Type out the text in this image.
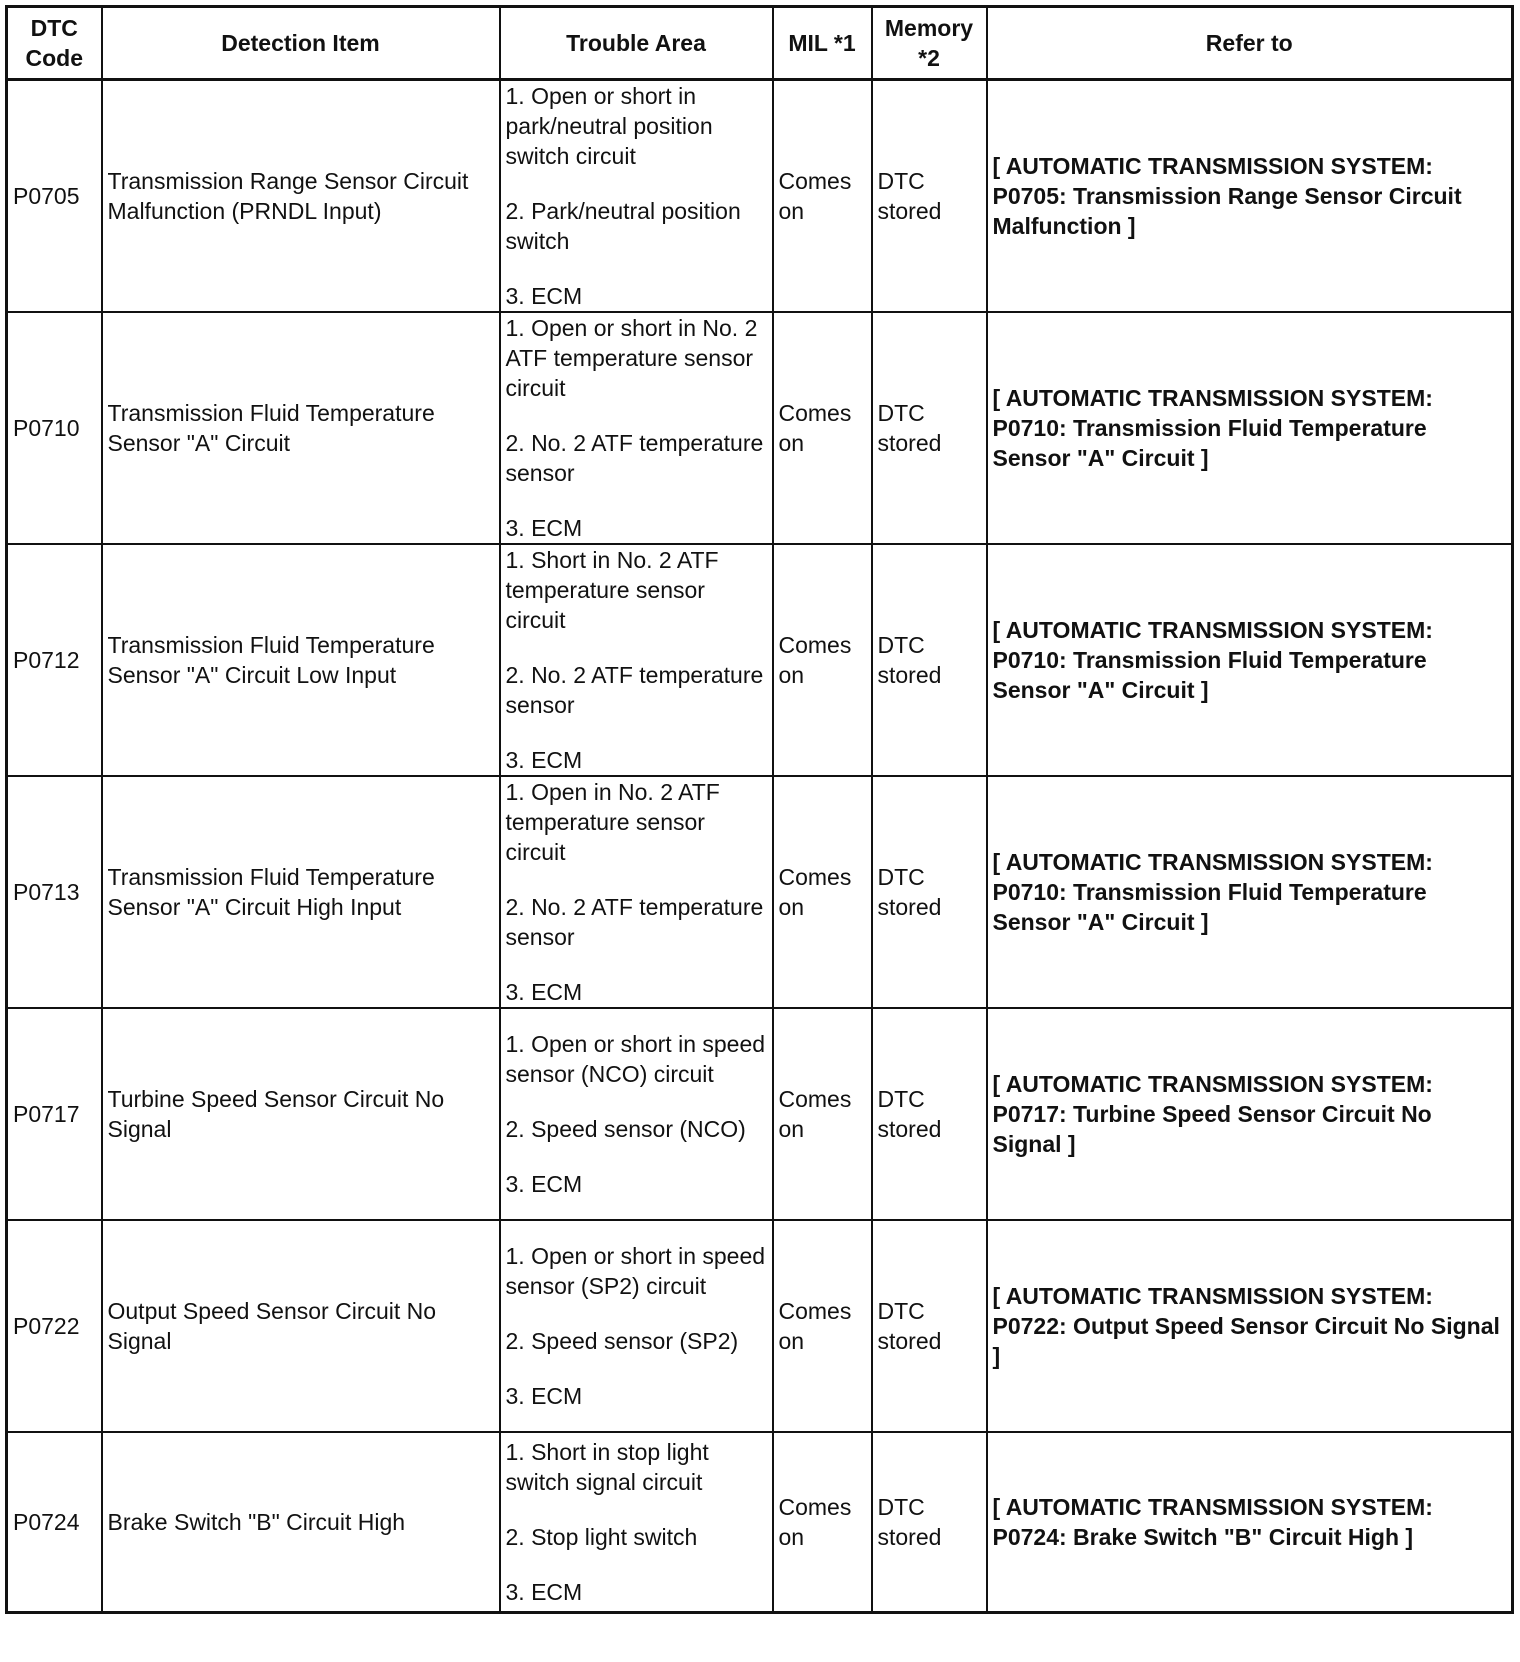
DTC Code	Detection Item	Trouble Area	MIL *1	Memory *2	Refer to
P0705	Transmission Range Sensor Circuit Malfunction (PRNDL Input)	1. Open or short in park/neutral position switch circuit
2. Park/neutral position switch
3. ECM	Comes on	DTC stored	[ AUTOMATIC TRANSMISSION SYSTEM: P0705: Transmission Range Sensor Circuit Malfunction ]

P0710	Transmission Fluid Temperature Sensor "A" Circuit	1. Open or short in No. 2 ATF temperature sensor circuit
2. No. 2 ATF temperature sensor
3. ECM	Comes on	DTC stored	[ AUTOMATIC TRANSMISSION SYSTEM: P0710: Transmission Fluid Temperature Sensor "A" Circuit ]

P0712	Transmission Fluid Temperature Sensor "A" Circuit Low Input	1. Short in No. 2 ATF temperature sensor circuit
2. No. 2 ATF temperature sensor
3. ECM	Comes on	DTC stored	[ AUTOMATIC TRANSMISSION SYSTEM: P0710: Transmission Fluid Temperature Sensor "A" Circuit ]

P0713	Transmission Fluid Temperature Sensor "A" Circuit High Input	1. Open in No. 2 ATF temperature sensor circuit
2. No. 2 ATF temperature sensor
3. ECM	Comes on	DTC stored	[ AUTOMATIC TRANSMISSION SYSTEM: P0710: Transmission Fluid Temperature Sensor "A" Circuit ]

P0717	Turbine Speed Sensor Circuit No Signal	1. Open or short in speed sensor (NCO) circuit
2. Speed sensor (NCO)
3. ECM	Comes on	DTC stored	[ AUTOMATIC TRANSMISSION SYSTEM: P0717: Turbine Speed Sensor Circuit No Signal ]

P0722	Output Speed Sensor Circuit No Signal	1. Open or short in speed sensor (SP2) circuit
2. Speed sensor (SP2)
3. ECM	Comes on	DTC stored	[ AUTOMATIC TRANSMISSION SYSTEM: P0722: Output Speed Sensor Circuit No Signal ]

P0724	Brake Switch "B" Circuit High	1. Short in stop light switch signal circuit
2. Stop light switch
3. ECM	Comes on	DTC stored	[ AUTOMATIC TRANSMISSION SYSTEM: P0724: Brake Switch "B" Circuit High ]
